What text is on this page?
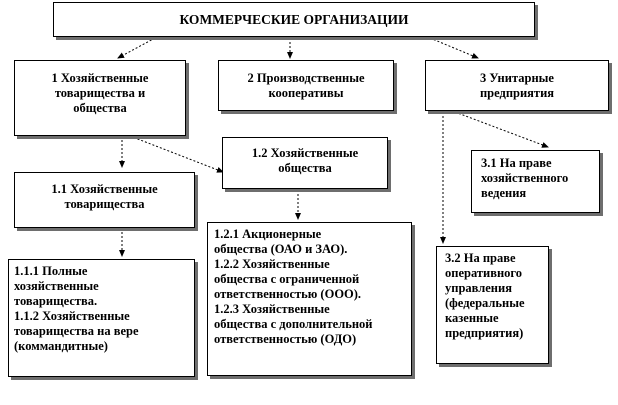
КОММЕРЧЕСКИЕ ОРГАНИЗАЦИИ
1 Хозяйственные
товарищества и
общества
2 Производственные
кооперативы
3 Унитарные
предприятия
1.1 Хозяйственные
товарищества
1.2 Хозяйственные
общества
1.1.1 Полные
хозяйственные
товарищества.
1.1.2 Хозяйственные
товарищества на вере
(коммандитные)
1.2.1 Акционерные
общества (ОАО и ЗАО).
1.2.2 Хозяйственные
общества с ограниченной
ответственностью (ООО).
1.2.3 Хозяйственные
общества с дополнительной
ответственностью (ОДО)
3.1 На праве
хозяйственного
ведения
3.2 На праве
оперативного
управления
(федеральные
казенные
предприятия)
